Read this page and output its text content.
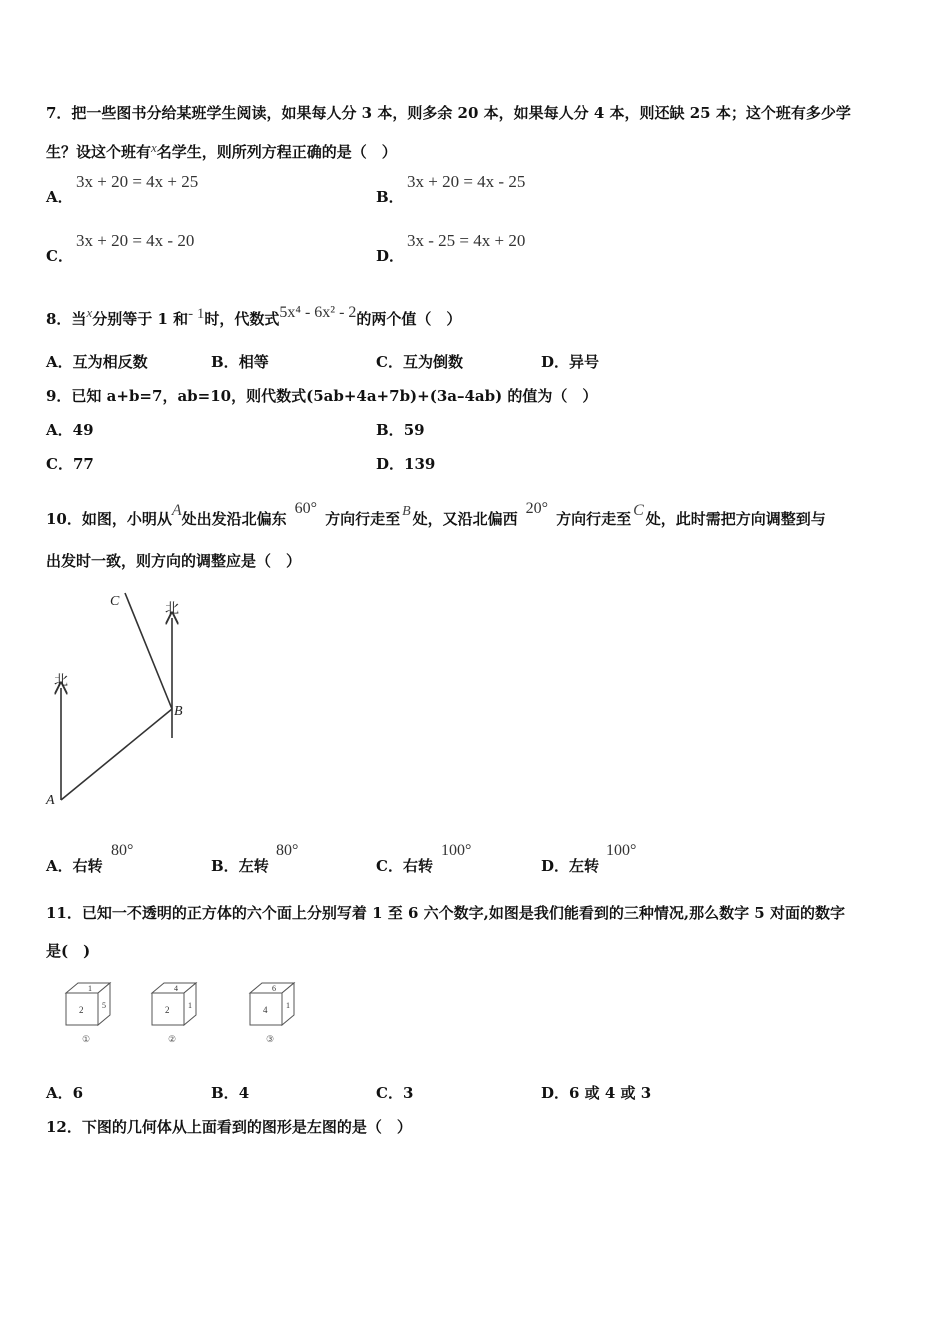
7．把一些图书分给某班学生阅读，如果每人分 3 本，则多余 20 本，如果每人分 4 本，则还缺 25 本；这个班有多少学
生？设这个班有x名学生，则所列方程正确的是（　）
A．
3x + 20 = 4x + 25
B．
3x + 20 = 4x - 25
C．
3x + 20 = 4x - 20
D．
3x - 25 = 4x + 20
8．当x分别等于 1 和- 1时，代数式5x⁴ - 6x² - 2的两个值（　）
A．互为相反数	B．相等	C．互为倒数	D．异号
9．已知 a+b=7，ab=10，则代数式(5ab+4a+7b)+(3a–4ab) 的值为（　）
A．49	B．59
C．77	D．139
10．如图，小明从A处出发沿北偏东60°方向行走至 B 处，又沿北偏西20°方向行走至 C 处，此时需把方向调整到与
出发时一致，则方向的调整应是（　）
北
北
A
B
C
A．右转
80°
B．左转
80°
C．右转
100°
D．左转
100°
11．已知一不透明的正方体的六个面上分别写着 1 至 6 六个数字,如图是我们能看到的三种情况,那么数字 5 对面的数字
是(　)
1
2 5
①
4
2 1
②
6
4 1
③
A．6	B．4	C．3	D．6 或 4 或 3
12．下图的几何体从上面看到的图形是左图的是（　）
